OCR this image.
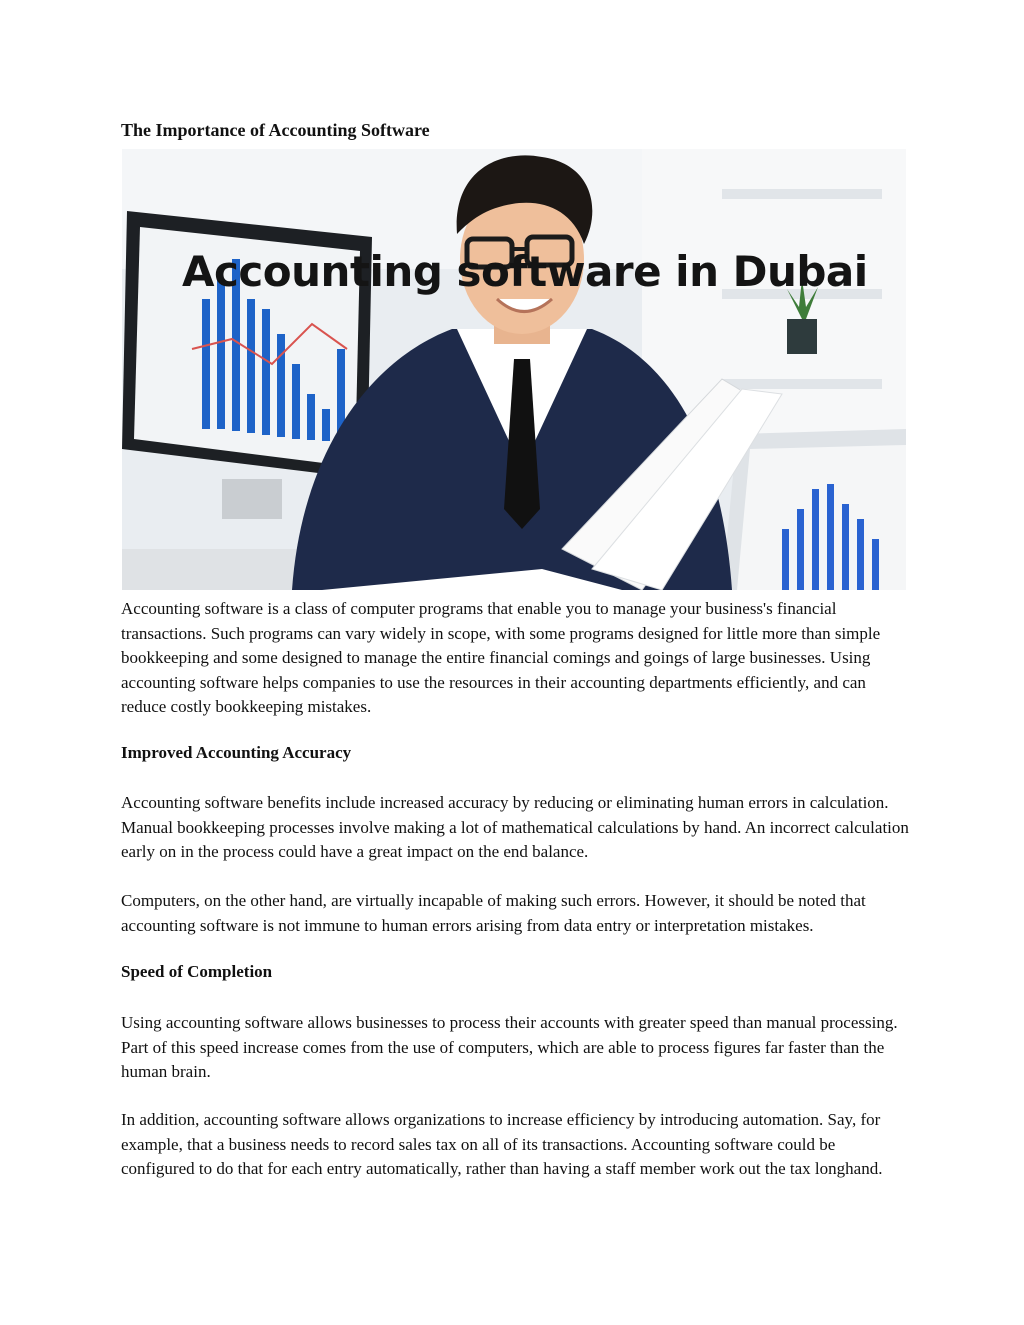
The Importance of Accounting Software
Accounting software in Dubai

Accounting software is a class of computer programs that enable you to manage your business's financial transactions. Such programs can vary widely in scope, with some programs designed for little more than simple bookkeeping and some designed to manage the entire financial comings and goings of large businesses. Using accounting software helps companies to use the resources in their accounting departments efficiently, and can reduce costly bookkeeping mistakes.

Improved Accounting Accuracy

Accounting software benefits include increased accuracy by reducing or eliminating human errors in calculation. Manual bookkeeping processes involve making a lot of mathematical calculations by hand. An incorrect calculation early on in the process could have a great impact on the end balance.

Computers, on the other hand, are virtually incapable of making such errors. However, it should be noted that accounting software is not immune to human errors arising from data entry or interpretation mistakes.

Speed of Completion

Using accounting software allows businesses to process their accounts with greater speed than manual processing. Part of this speed increase comes from the use of computers, which are able to process figures far faster than the human brain.

In addition, accounting software allows organizations to increase efficiency by introducing automation. Say, for example, that a business needs to record sales tax on all of its transactions. Accounting software could be configured to do that for each entry automatically, rather than having a staff member work out the tax longhand.
